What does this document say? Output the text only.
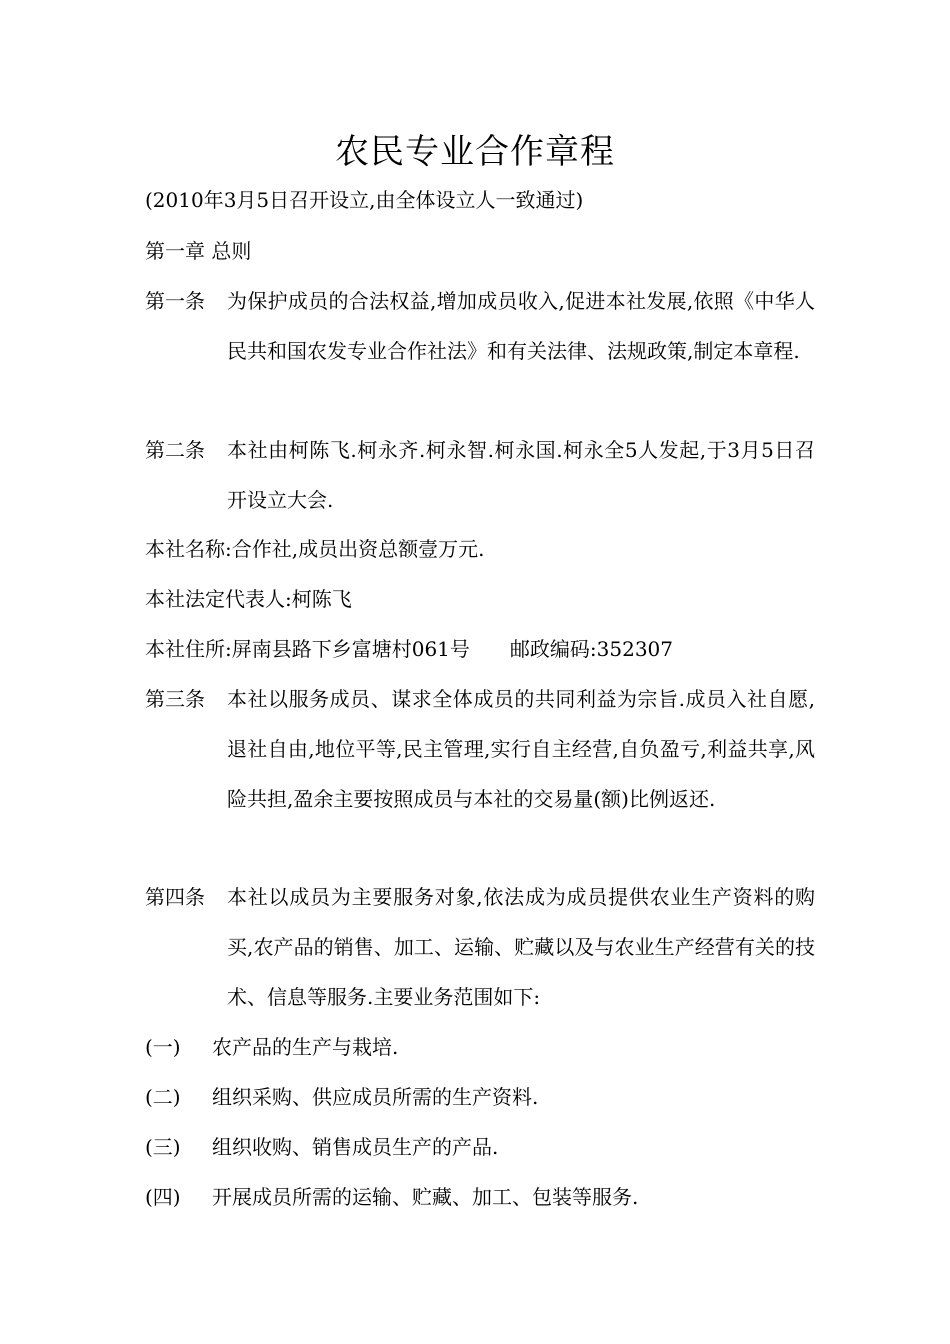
农民专业合作章程
(2010年3月5日召开设立,由全体设立人一致通过)
第一章 总则
第一条 为保护成员的合法权益,增加成员收入,促进本社发展,依照《中华人民共和国农发专业合作社法》和有关法律、法规政策,制定本章程.
第二条 本社由柯陈飞.柯永齐.柯永智.柯永国.柯永全5人发起,于3月5日召开设立大会.
本社名称:合作社,成员出资总额壹万元.
本社法定代表人:柯陈飞
本社住所:屏南县路下乡富塘村061号 邮政编码:352307
第三条 本社以服务成员、谋求全体成员的共同利益为宗旨.成员入社自愿,退社自由,地位平等,民主管理,实行自主经营,自负盈亏,利益共享,风险共担,盈余主要按照成员与本社的交易量(额)比例返还.
第四条 本社以成员为主要服务对象,依法成为成员提供农业生产资料的购买,农产品的销售、加工、运输、贮藏以及与农业生产经营有关的技术、信息等服务.主要业务范围如下:
(一) 农产品的生产与栽培.
(二) 组织采购、供应成员所需的生产资料.
(三) 组织收购、销售成员生产的产品.
(四) 开展成员所需的运输、贮藏、加工、包装等服务.
